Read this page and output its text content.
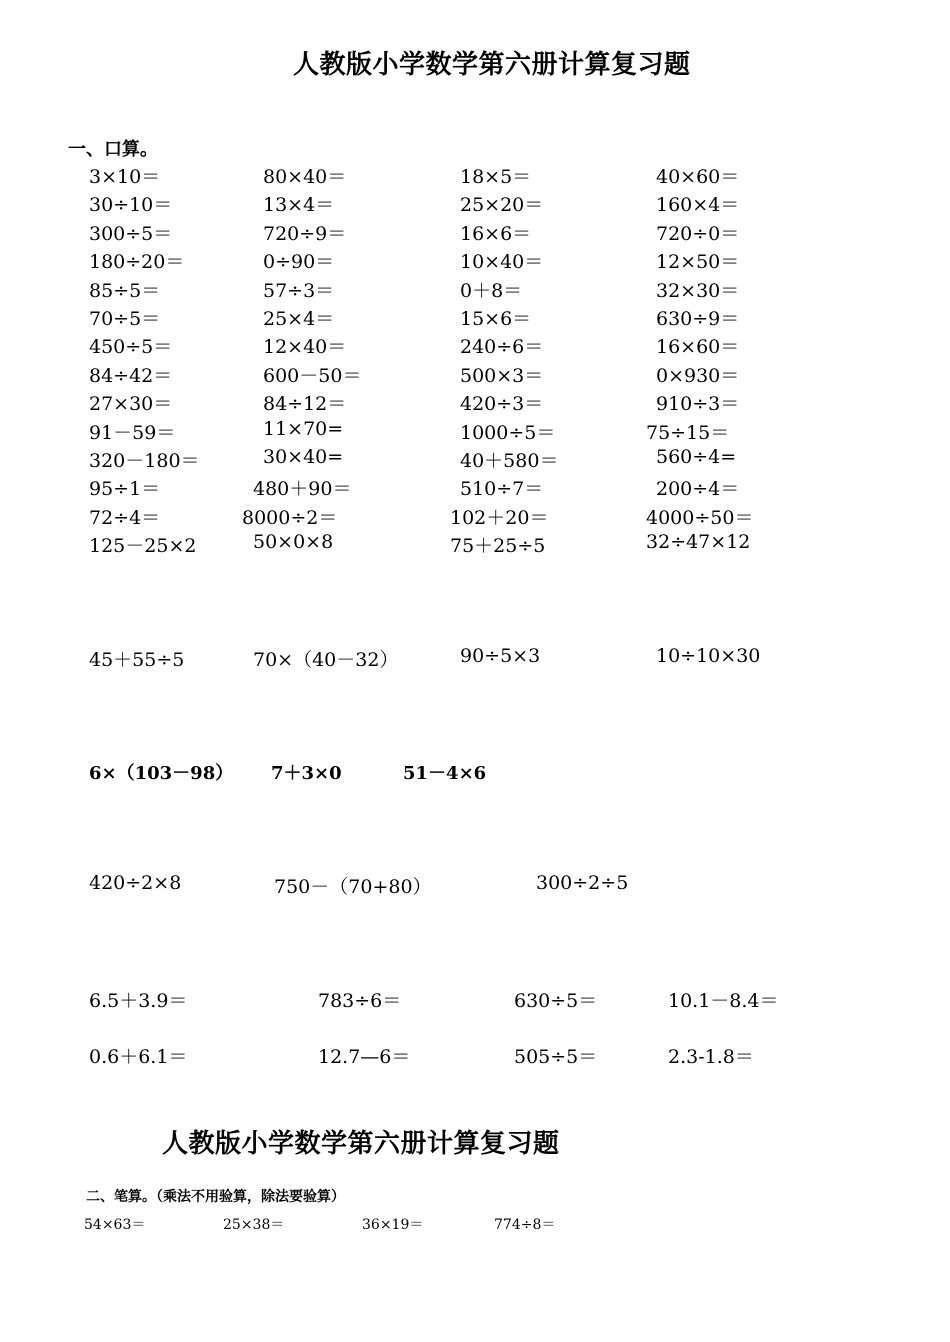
人教版小学数学第六册计算复习题
一、口算。
3×10＝	80×40＝	18×5＝	40×60＝
30÷10＝	13×4＝	25×20＝	160×4＝
300÷5＝	720÷9＝	16×6＝	720÷0＝
180÷20＝	0÷90＝	10×40＝	12×50＝
85÷5＝	57÷3＝	0＋8＝	32×30＝
70÷5＝	25×4＝	15×6＝	630÷9＝
450÷5＝	12×40＝	240÷6＝	16×60＝
84÷42＝	600－50＝	500×3＝	0×930＝
27×30＝	84÷12＝	420÷3＝	910÷3＝
91－59＝	11×70=	1000÷5＝	75÷15＝
320－180＝	30×40=	40＋580＝	560÷4=
95÷1＝	480＋90＝	510÷7＝	200÷4＝
72÷4＝	8000÷2＝	102＋20＝	4000÷50＝
125－25×2	50×0×8	75＋25÷5	32÷47×12
45＋55÷5	70×（40－32）	90÷5×3	10÷10×30
6×（103－98） 7＋3×0	51－4×6
420÷2×8	750－（70+80）	300÷2÷5
6.5＋3.9＝	783÷6＝	630÷5＝	10.1－8.4＝
0.6＋6.1＝	12.7—6＝	505÷5＝	2.3-1.8＝
人教版小学数学第六册计算复习题
二、笔算。（乘法不用验算，除法要验算）
54×63＝	25×38＝	36×19＝	774÷8＝
